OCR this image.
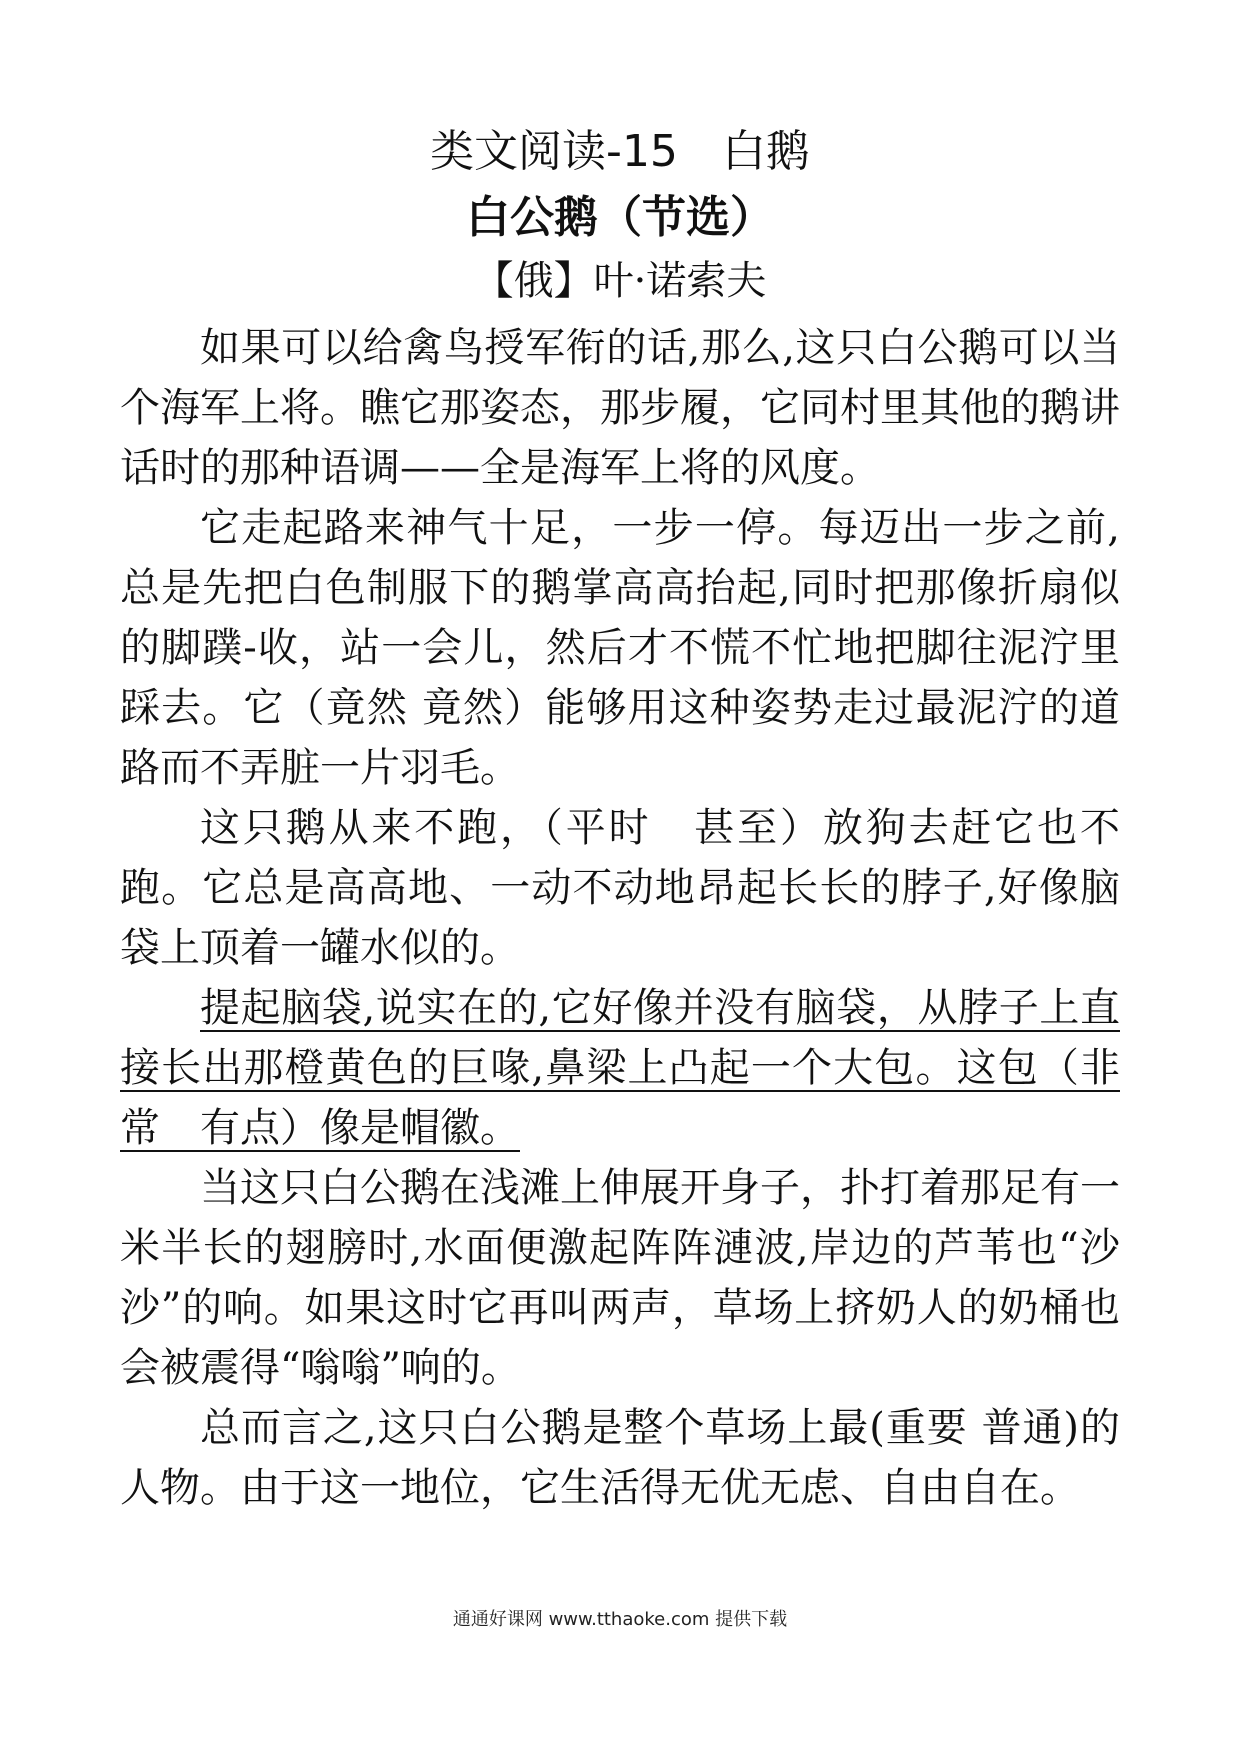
类文阅读-15 白鹅
白公鹅（节选）
【俄】叶·诺索夫

如果可以给禽鸟授军衔的话,那么,这只白公鹅可以当个海军上将。瞧它那姿态，那步履，它同村里其他的鹅讲话时的那种语调——全是海军上将的风度。

它走起路来神气十足，一步一停。每迈出一步之前,总是先把白色制服下的鹅掌高高抬起,同时把那像折扇似的脚蹼-收，站一会儿，然后才不慌不忙地把脚往泥泞里踩去。它（竟然 竟然）能够用这种姿势走过最泥泞的道路而不弄脏一片羽毛。

这只鹅从来不跑，（平时　甚至）放狗去赶它也不跑。它总是高高地、一动不动地昂起长长的脖子,好像脑袋上顶着一罐水似的。

提起脑袋,说实在的,它好像并没有脑袋，从脖子上直接长出那橙黄色的巨喙,鼻梁上凸起一个大包。这包（非常　有点）像是帽徽。

当这只白公鹅在浅滩上伸展开身子，扑打着那足有一米半长的翅膀时,水面便激起阵阵漣波,岸边的芦苇也“沙沙”的响。如果这时它再叫两声，草场上挤奶人的奶桶也会被震得“嗡嗡”响的。

总而言之,这只白公鹅是整个草场上最(重要 普通)的人物。由于这一地位，它生活得无优无虑、自由自在。

通通好课网 www.tthaoke.com 提供下载
